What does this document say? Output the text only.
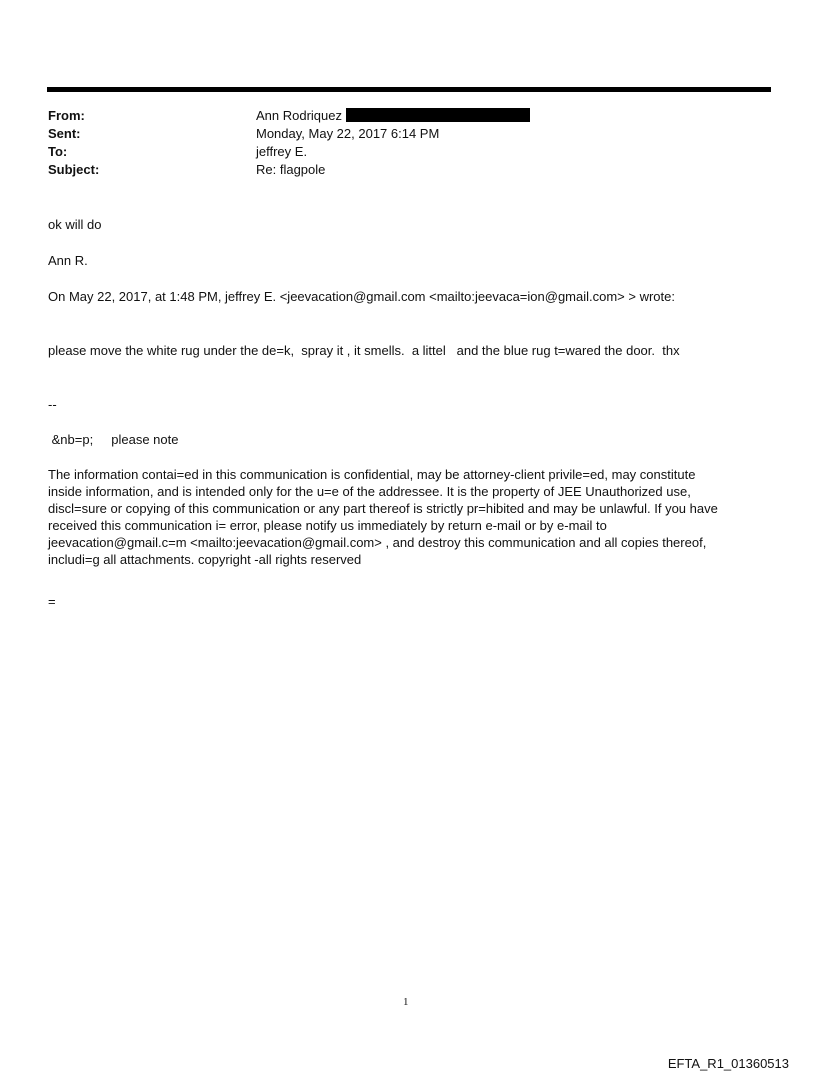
From:	Ann Rodriquez
Sent:	Monday, May 22, 2017 6:14 PM
To:	jeffrey E.
Subject:	Re: flagpole

ok will do

Ann R.

On May 22, 2017, at 1:48 PM, jeffrey E. <jeevacation@gmail.com <mailto:jeevaca=ion@gmail.com> > wrote:

please move the white rug under the de=k,  spray it , it smells.  a littel   and the blue rug t=wared the door.  thx

--

&nb=p;     please note

The information contai=ed in this communication is confidential, may be attorney-client privile=ed, may constitute
inside information, and is intended only for the u=e of the addressee. It is the property of JEE Unauthorized use,
discl=sure or copying of this communication or any part thereof is strictly pr=hibited and may be unlawful. If you have
received this communication i= error, please notify us immediately by return e-mail or by e-mail to
jeevacation@gmail.c=m <mailto:jeevacation@gmail.com> , and destroy this communication and all copies thereof,
includi=g all attachments. copyright -all rights reserved

=

1
EFTA_R1_01360513
